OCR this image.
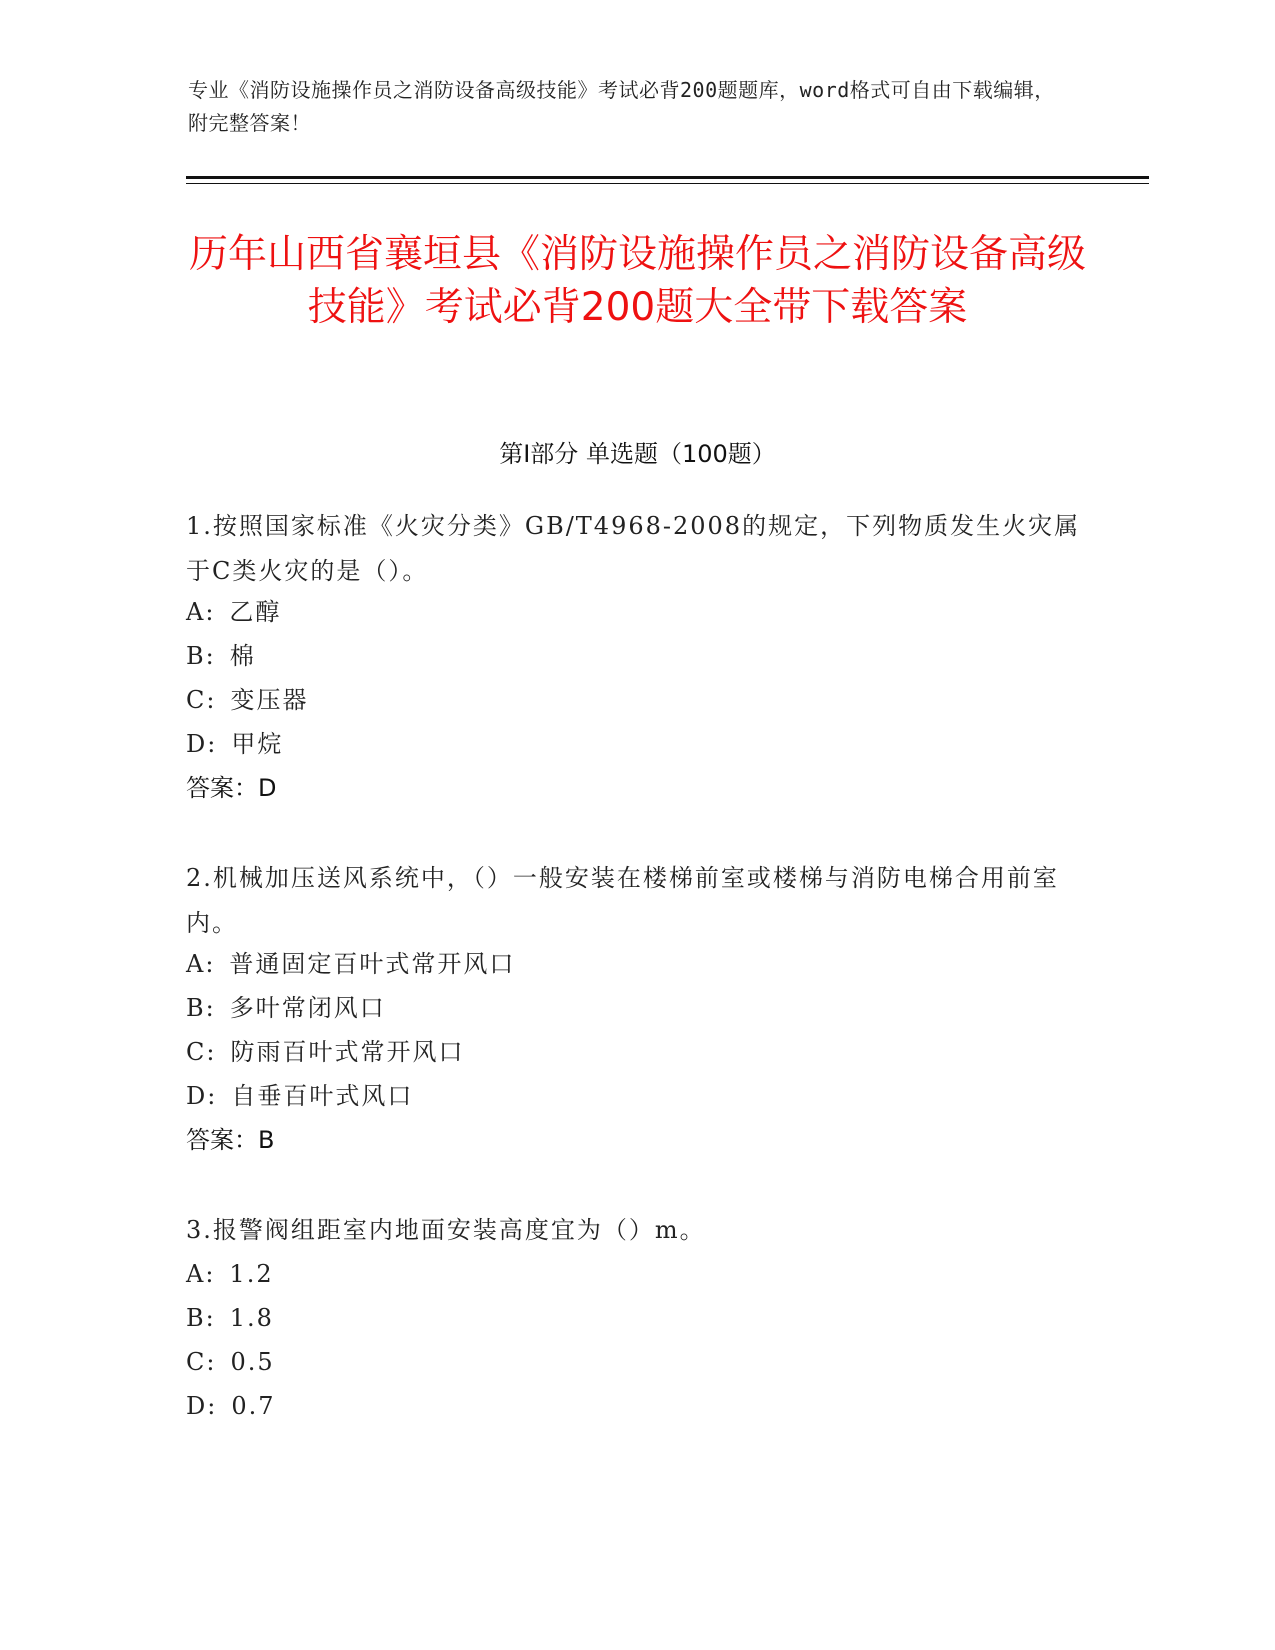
专业《消防设施操作员之消防设备高级技能》考试必背200题题库，word格式可自由下载编辑，附完整答案！
历年山西省襄垣县《消防设施操作员之消防设备高级技能》考试必背200题大全带下载答案
第I部分 单选题（100题）
1.按照国家标准《火灾分类》GB/T4968-2008的规定，下列物质发生火灾属于C类火灾的是（）。
A: 乙醇
B: 棉
C: 变压器
D: 甲烷
答案：D
2.机械加压送风系统中，（）一般安装在楼梯前室或楼梯与消防电梯合用前室内。
A: 普通固定百叶式常开风口
B: 多叶常闭风口
C: 防雨百叶式常开风口
D: 自垂百叶式风口
答案：B
3.报警阀组距室内地面安装高度宜为（）m。
A: 1.2
B: 1.8
C: 0.5
D: 0.7
